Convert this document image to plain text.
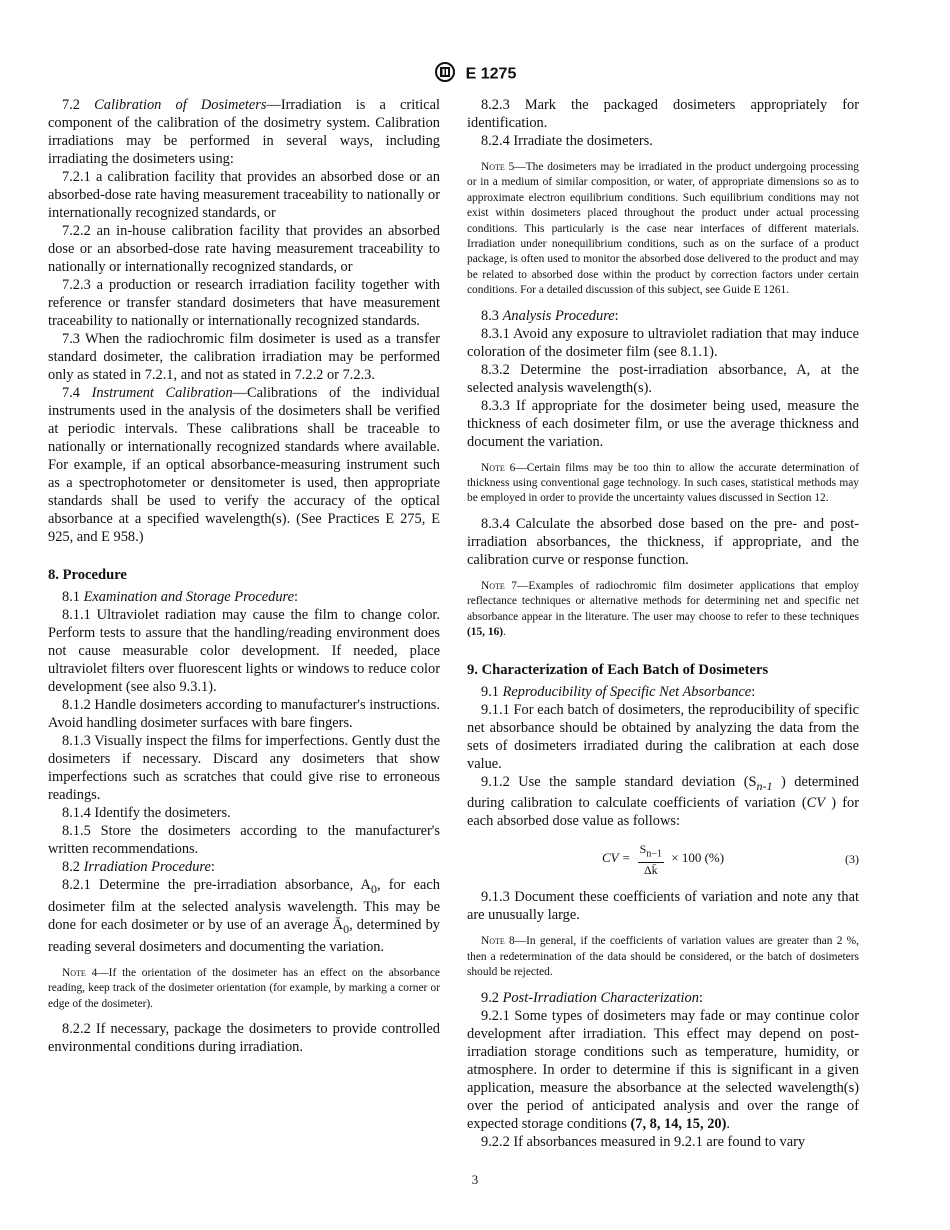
E 1275

7.2 Calibration of Dosimeters—Irradiation is a critical component of the calibration of the dosimetry system. Calibration irradiations may be performed in several ways, including irradiating the dosimeters using:

7.2.1 a calibration facility that provides an absorbed dose or an absorbed-dose rate having measurement traceability to nationally or internationally recognized standards, or

7.2.2 an in-house calibration facility that provides an absorbed dose or an absorbed-dose rate having measurement traceability to nationally or internationally recognized standards, or

7.2.3 a production or research irradiation facility together with reference or transfer standard dosimeters that have measurement traceability to nationally or internationally recognized standards.

7.3 When the radiochromic film dosimeter is used as a transfer standard dosimeter, the calibration irradiation may be performed only as stated in 7.2.1, and not as stated in 7.2.2 or 7.2.3.

7.4 Instrument Calibration—Calibrations of the individual instruments used in the analysis of the dosimeters shall be verified at periodic intervals. These calibrations shall be traceable to nationally or internationally recognized standards where available. For example, if an optical absorbance-measuring instrument such as a spectrophotometer or densitometer is used, then appropriate standards shall be used to verify the accuracy of the optical absorbance at a specified wavelength(s). (See Practices E 275, E 925, and E 958.)

8. Procedure

8.1 Examination and Storage Procedure:

8.1.1 Ultraviolet radiation may cause the film to change color. Perform tests to assure that the handling/reading environment does not cause measurable color development. If needed, place ultraviolet filters over fluorescent lights or windows to reduce color development (see also 9.3.1).

8.1.2 Handle dosimeters according to manufacturer's instructions. Avoid handling dosimeter surfaces with bare fingers.

8.1.3 Visually inspect the films for imperfections. Gently dust the dosimeters if necessary. Discard any dosimeters that show imperfections such as scratches that could give rise to erroneous readings.

8.1.4 Identify the dosimeters.

8.1.5 Store the dosimeters according to the manufacturer's written recommendations.

8.2 Irradiation Procedure:

8.2.1 Determine the pre-irradiation absorbance, $A_0$, for each dosimeter film at the selected analysis wavelength. This may be done for each dosimeter or by use of an average $Ā_0$, determined by reading several dosimeters and documenting the variation.

Note 4—If the orientation of the dosimeter has an effect on the absorbance reading, keep track of the dosimeter orientation (for example, by marking a corner or edge of the dosimeter).

8.2.2 If necessary, package the dosimeters to provide controlled environmental conditions during irradiation.

8.2.3 Mark the packaged dosimeters appropriately for identification.

8.2.4 Irradiate the dosimeters.

Note 5—The dosimeters may be irradiated in the product undergoing processing or in a medium of similar composition, or water, of appropriate dimensions so as to approximate electron equilibrium conditions. Such equilibrium conditions may not exist within dosimeters placed throughout the product under actual processing conditions. This particularly is the case near interfaces of different materials. Irradiation under nonequilibrium conditions, such as on the surface of a product package, is often used to monitor the absorbed dose delivered to the product and may be related to absorbed dose within the product by correction factors under certain conditions. For a detailed discussion of this subject, see Guide E 1261.

8.3 Analysis Procedure:

8.3.1 Avoid any exposure to ultraviolet radiation that may induce coloration of the dosimeter film (see 8.1.1).

8.3.2 Determine the post-irradiation absorbance, A, at the selected analysis wavelength(s).

8.3.3 If appropriate for the dosimeter being used, measure the thickness of each dosimeter film, or use the average thickness and document the variation.

Note 6—Certain films may be too thin to allow the accurate determination of thickness using conventional gage technology. In such cases, statistical methods may be employed in order to provide the uncertainty values discussed in Section 12.

8.3.4 Calculate the absorbed dose based on the pre- and post-irradiation absorbances, the thickness, if appropriate, and the calibration curve or response function.

Note 7—Examples of radiochromic film dosimeter applications that employ reflectance techniques or alternative methods for determining net and specific net absorbance appear in the literature. The user may choose to refer to these techniques (15, 16).

9. Characterization of Each Batch of Dosimeters

9.1 Reproducibility of Specific Net Absorbance:

9.1.1 For each batch of dosimeters, the reproducibility of specific net absorbance should be obtained by analyzing the data from the sets of dosimeters irradiated during the calibration at each dose value.

9.1.2 Use the sample standard deviation ($S_{n-1}$ ) determined during calibration to calculate coefficients of variation (CV ) for each absorbed dose value as follows:

CV = $\frac{S_{n-1}}{\Delta k̄} \times 100$ (%)	(3)

9.1.3 Document these coefficients of variation and note any that are unusually large.

Note 8—In general, if the coefficients of variation values are greater than 2 %, then a redetermination of the data should be considered, or the batch of dosimeters should be rejected.

9.2 Post-Irradiation Characterization:

9.2.1 Some types of dosimeters may fade or may continue color development after irradiation. This effect may depend on post-irradiation storage conditions such as temperature, humidity, or atmosphere. In order to determine if this is significant in a given application, measure the absorbance at the selected wavelength(s) over the period of anticipated analysis and over the range of expected storage conditions (7, 8, 14, 15, 20).

9.2.2 If absorbances measured in 9.2.1 are found to vary

3
